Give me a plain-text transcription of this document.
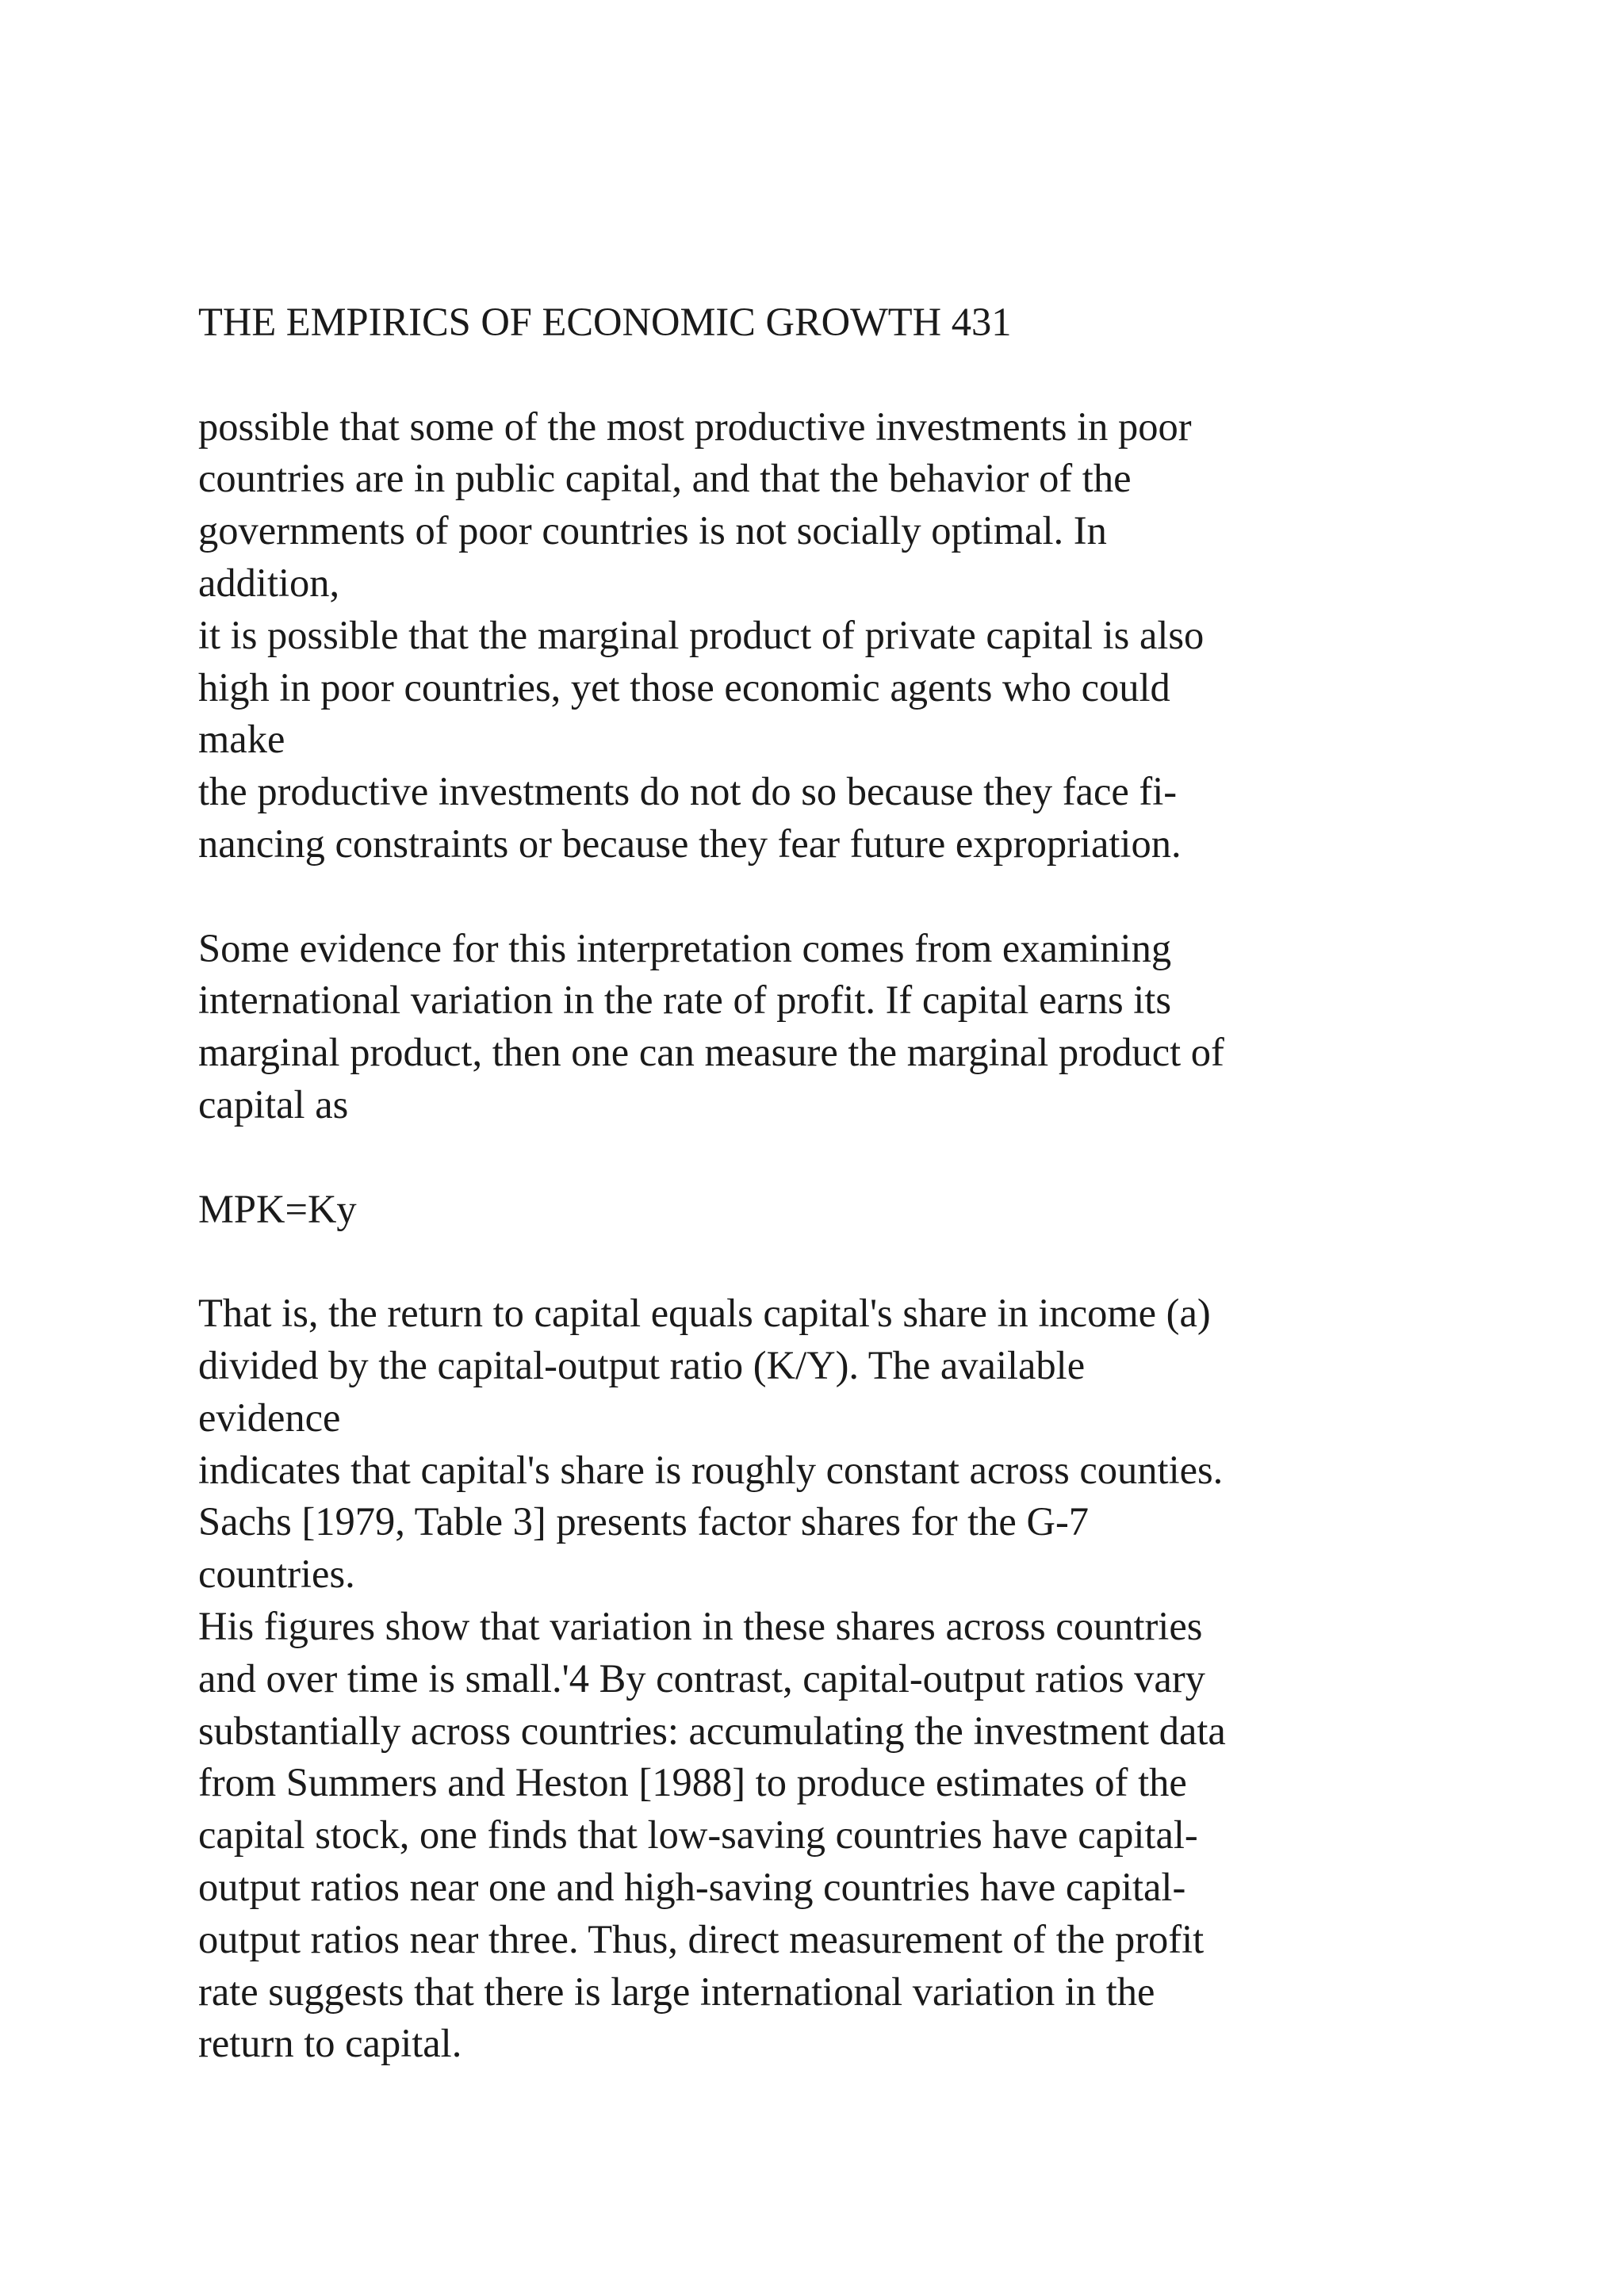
THE EMPIRICS OF ECONOMIC GROWTH 431
possible that some of the most productive investments in poor
countries are in public capital, and that the behavior of the
governments of poor countries is not socially optimal. In
addition,
it is possible that the marginal product of private capital is also
high in poor countries, yet those economic agents who could
make
the productive investments do not do so because they face fi-
nancing constraints or because they fear future expropriation.
Some evidence for this interpretation comes from examining
international variation in the rate of profit. If capital earns its
marginal product, then one can measure the marginal product of
capital as
MPK=Ky
That is, the return to capital equals capital's share in income (a)
divided by the capital-output ratio (K/Y). The available
evidence
indicates that capital's share is roughly constant across counties.
Sachs [1979, Table 3] presents factor shares for the G-7
countries.
His figures show that variation in these shares across countries
and over time is small.'4 By contrast, capital-output ratios vary
substantially across countries: accumulating the investment data
from Summers and Heston [1988] to produce estimates of the
capital stock, one finds that low-saving countries have capital-
output ratios near one and high-saving countries have capital-
output ratios near three. Thus, direct measurement of the profit
rate suggests that there is large international variation in the
return to capital.
